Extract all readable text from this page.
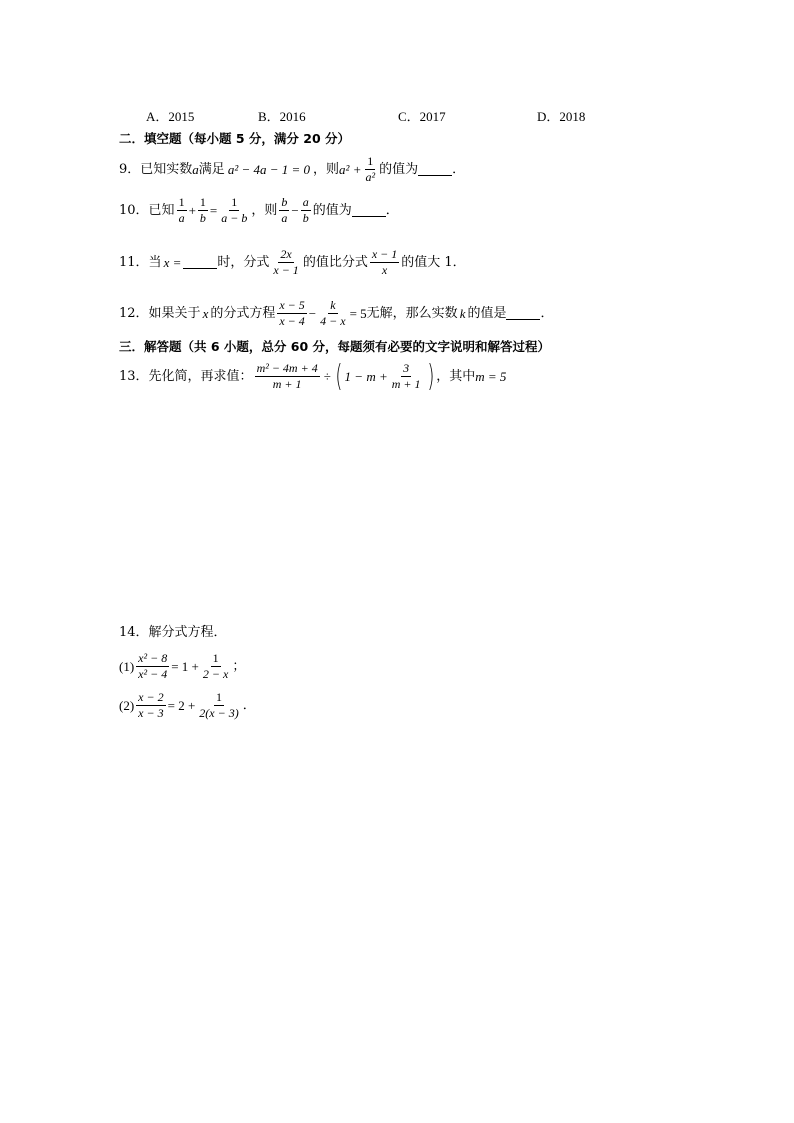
A．2015	B．2016	C．2017	D．2018
二．填空题（每小题 5 分，满分 20 分）
9． 已知实数 a 满足 a² − 4a − 1 = 0 ，则 $a^2 + \frac{1}{\text{a²}}$ 的值为	．
10． 已知 $\frac{1}{a} + \frac{1}{b} = \frac{1}{a - b}$ ，则 $\frac{b}{a} - \frac{a}{b}$ 的值为	．
11． 当 x =	时，分式 $\frac{2x}{x - 1}$ 的值比分式 $\frac{x - 1}{x}$ 的值大 1．
12． 如果关于 x 的分式方程 $\frac{x - 5}{x - 4} - \frac{k}{4 - x} = 5$ 无解，那么实数 k 的值是	．
三．解答题（共 6 小题，总分 60 分，每题须有必要的文字说明和解答过程）
13． 先化简，再求值： $\frac{\text{m² − 4m + 4}}{m + 1}$ ÷ ( $1 - m + \frac{3}{m + 1}$ ) ，其中 m = 5
14．解分式方程．
$(1) \frac{\text{x² − 8}}{\text{x² − 4}} = 1 + \frac{1}{2 - x}$ ；
$(2) \frac{x - 2}{x - 3} = 2 + \frac{1}{2(x - 3)}$ ．
